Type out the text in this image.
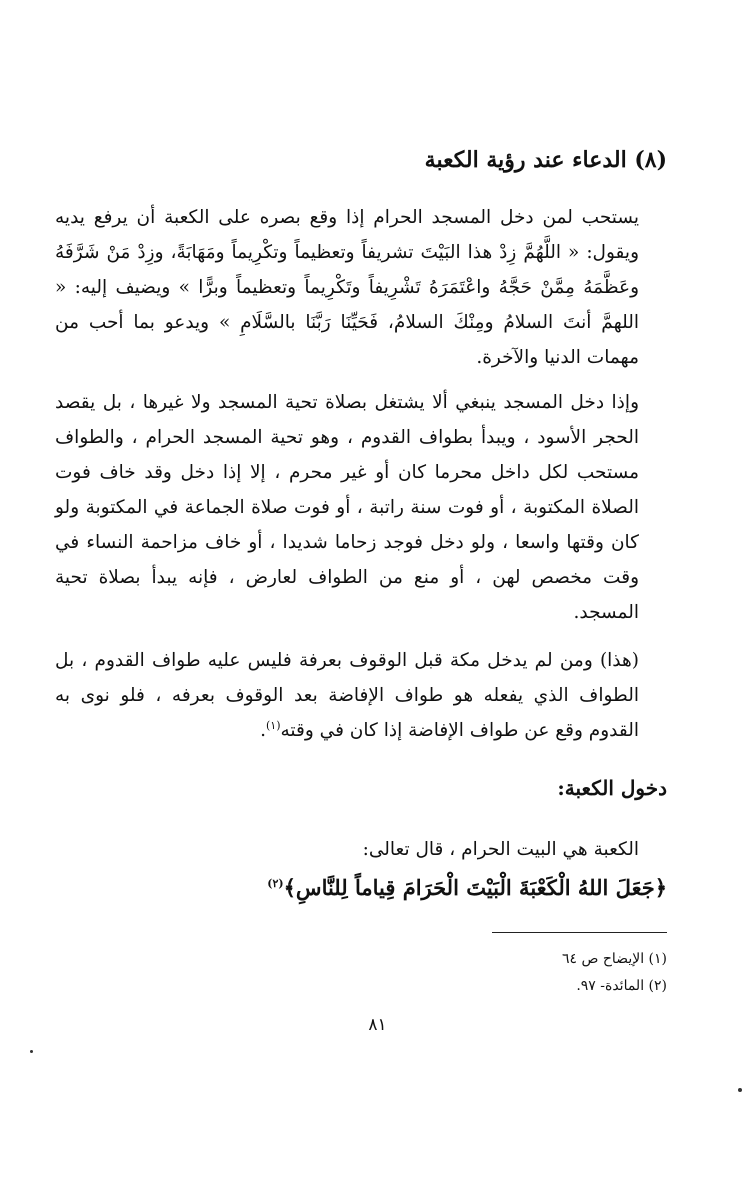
(٨) الدعاء عند رؤية الكعبة

يستحب لمن دخل المسجد الحرام إذا وقع بصره على الكعبة أن يرفع يديه ويقول: « اللَّهُمَّ زِدْ هذا البَيْتَ تشريفاً وتعظيماً وتكْرِيماً ومَهَابَةً، وزِدْ مَنْ شَرَّفَهُ وعَظَّمَهُ مِمَّنْ حَجَّهُ واعْتَمَرَهُ تَشْرِيفاً وتَكْرِيماً وتعظيماً وبرًّا » ويضيف إليه: « اللهمَّ أنتَ السلامُ ومِنْكَ السلامُ، فَحَيِّنَا رَبَّنَا بالسَّلَامِ » ويدعو بما أحب من مهمات الدنيا والآخرة.

وإذا دخل المسجد ينبغي ألا يشتغل بصلاة تحية المسجد ولا غيرها ، بل يقصد الحجر الأسود ، ويبدأ بطواف القدوم ، وهو تحية المسجد الحرام ، والطواف مستحب لكل داخل محرما كان أو غير محرم ، إلا إذا دخل وقد خاف فوت الصلاة المكتوبة ، أو فوت سنة راتبة ، أو فوت صلاة الجماعة في المكتوبة ولو كان وقتها واسعا ، ولو دخل فوجد زحاما شديدا ، أو خاف مزاحمة النساء في وقت مخصص لهن ، أو منع من الطواف لعارض ، فإنه يبدأ بصلاة تحية المسجد.

(هذا) ومن لم يدخل مكة قبل الوقوف بعرفة فليس عليه طواف القدوم ، بل الطواف الذي يفعله هو طواف الإفاضة بعد الوقوف بعرفه ، فلو نوى به القدوم وقع عن طواف الإفاضة إذا كان في وقته$^{(١)}$.

دخول الكعبة:

الكعبة هي البيت الحرام ، قال تعالى:

﴿جَعَلَ اللهُ الْكَعْبَةَ الْبَيْتَ الْحَرَامَ قِياماً لِلنَّاسِ﴾$^{(٢)}$

(١) الإيضاح ص ٦٤
(٢) المائدة- ٩٧.

٨١
